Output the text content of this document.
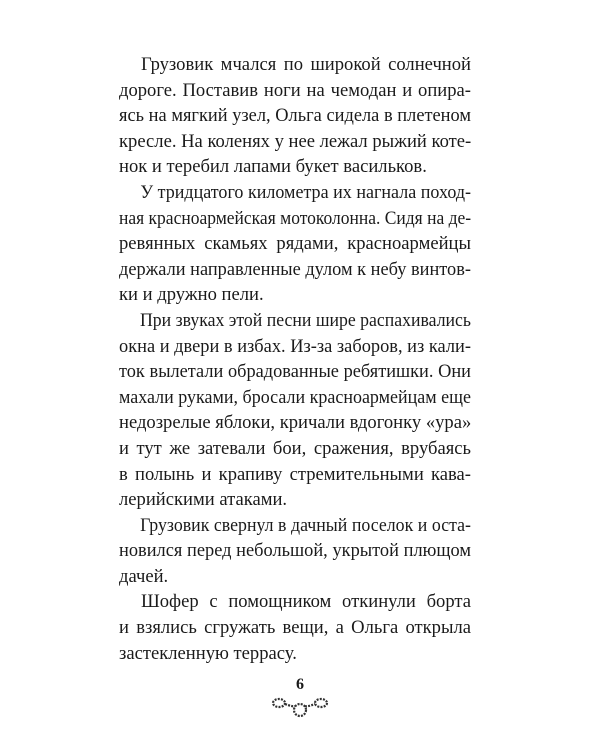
Грузовик мчался по широкой солнечной
дороге. Поставив ноги на чемодан и опира-
ясь на мягкий узел, Ольга сидела в плетеном
кресле. На коленях у нее лежал рыжий коте-
нок и теребил лапами букет васильков.
У тридцатого километра их нагнала поход-
ная красноармейская мотоколонна. Сидя на де-
ревянных скамьях рядами, красноармейцы
держали направленные дулом к небу винтов-
ки и дружно пели.
При звуках этой песни шире распахивались
окна и двери в избах. Из-за заборов, из кали-
ток вылетали обрадованные ребятишки. Они
махали руками, бросали красноармейцам еще
недозрелые яблоки, кричали вдогонку «ура»
и тут же затевали бои, сражения, врубаясь
в полынь и крапиву стремительными кава-
лерийскими атаками.
Грузовик свернул в дачный поселок и оста-
новился перед небольшой, укрытой плющом
дачей.
Шофер с помощником откинули борта
и взялись сгружать вещи, а Ольга открыла
застекленную террасу.
6
